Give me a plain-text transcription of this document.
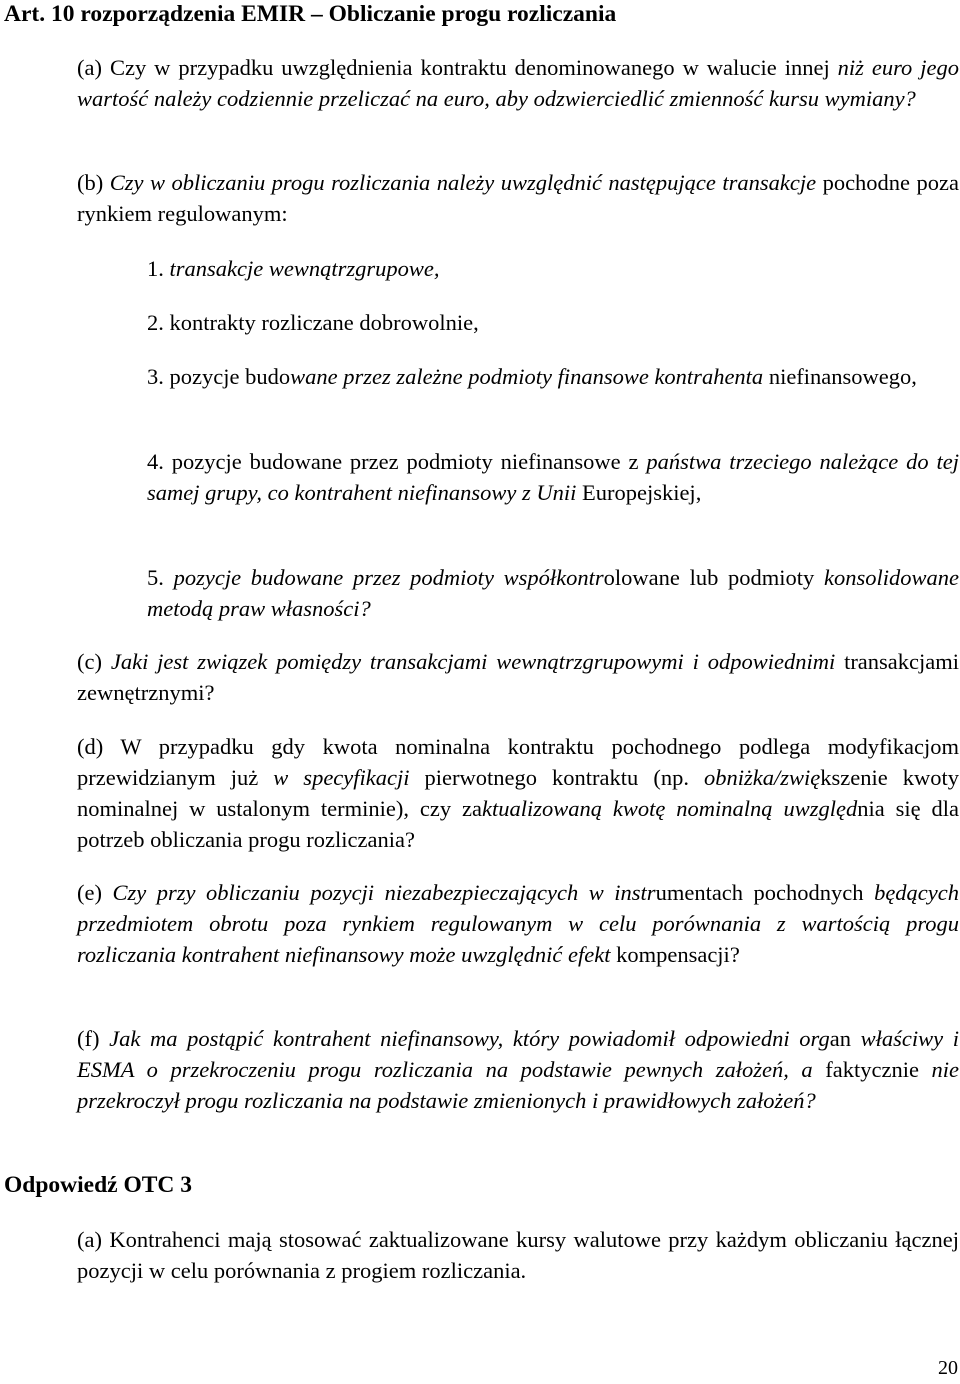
Art. 10 rozporządzenia EMIR – Obliczanie progu rozliczania

(a) Czy w przypadku uwzględnienia kontraktu denominowanego w walucie innej niż euro jego wartość należy codziennie przeliczać na euro, aby odzwierciedlić zmienność kursu wymiany?

(b) Czy w obliczaniu progu rozliczania należy uwzględnić następujące transakcje pochodne poza rynkiem regulowanym:

1. transakcje wewnątrzgrupowe,

2. kontrakty rozliczane dobrowolnie,

3. pozycje budowane przez zależne podmioty finansowe kontrahenta niefinansowego,

4. pozycje budowane przez podmioty niefinansowe z państwa trzeciego należące do tej samej grupy, co kontrahent niefinansowy z Unii Europejskiej,

5. pozycje budowane przez podmioty współkontrolowane lub podmioty konsolidowane metodą praw własności?

(c) Jaki jest związek pomiędzy transakcjami wewnątrzgrupowymi i odpowiednimi transakcjami zewnętrznymi?

(d) W przypadku gdy kwota nominalna kontraktu pochodnego podlega modyfikacjom przewidzianym już w specyfikacji pierwotnego kontraktu (np. obniżka/zwiększenie kwoty nominalnej w ustalonym terminie), czy zaktualizowaną kwotę nominalną uwzględnia się dla potrzeb obliczania progu rozliczania?

(e) Czy przy obliczaniu pozycji niezabezpieczających w instrumentach pochodnych będących przedmiotem obrotu poza rynkiem regulowanym w celu porównania z wartością progu rozliczania kontrahent niefinansowy może uwzględnić efekt kompensacji?

(f) Jak ma postąpić kontrahent niefinansowy, który powiadomił odpowiedni organ właściwy i ESMA o przekroczeniu progu rozliczania na podstawie pewnych założeń, a faktycznie nie przekroczył progu rozliczania na podstawie zmienionych i prawidłowych założeń?

Odpowiedź OTC 3

(a) Kontrahenci mają stosować zaktualizowane kursy walutowe przy każdym obliczaniu łącznej pozycji w celu porównania z progiem rozliczania.

20
